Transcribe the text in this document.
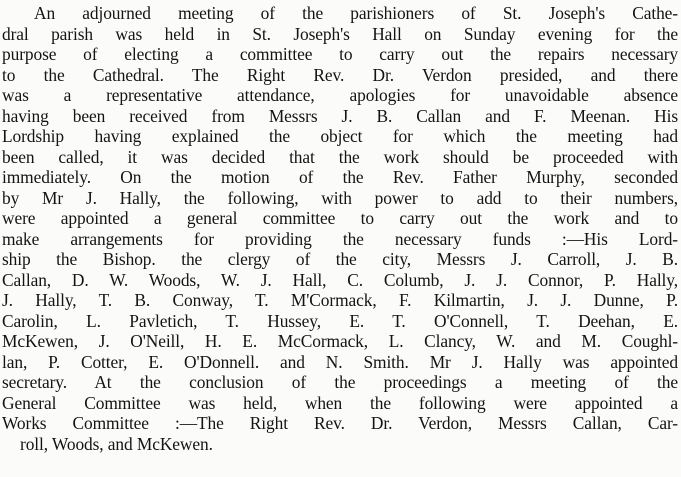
An adjourned meeting of the parishioners of St. Joseph's Cathe-
dral parish was held in St. Joseph's Hall on Sunday evening for the
purpose of electing a committee to carry out the repairs necessary
to the Cathedral. The Right Rev. Dr. Verdon presided, and there
was a representative attendance, apologies for unavoidable absence
having been received from Messrs J. B. Callan and F. Meenan. His
Lordship having explained the object for which the meeting had
been called, it was decided that the work should be proceeded with
immediately. On the motion of the Rev. Father Murphy, seconded
by Mr J. Hally, the following, with power to add to their numbers,
were appointed a general committee to carry out the work and to
make arrangements for providing the necessary funds :—His Lord-
ship the Bishop. the clergy of the city, Messrs J. Carroll, J. B.
Callan, D. W. Woods, W. J. Hall, C. Columb, J. J. Connor, P. Hally,
J. Hally, T. B. Conway, T. M'Cormack, F. Kilmartin, J. J. Dunne, P.
Carolin, L. Pavletich, T. Hussey, E. T. O'Connell, T. Deehan, E.
McKewen, J. O'Neill, H. E. McCormack, L. Clancy, W. and M. Coughl-
lan, P. Cotter, E. O'Donnell. and N. Smith. Mr J. Hally was appointed
secretary. At the conclusion of the proceedings a meeting of the
General Committee was held, when the following were appointed a
Works Committee :—The Right Rev. Dr. Verdon, Messrs Callan, Car-
roll, Woods, and McKewen.
